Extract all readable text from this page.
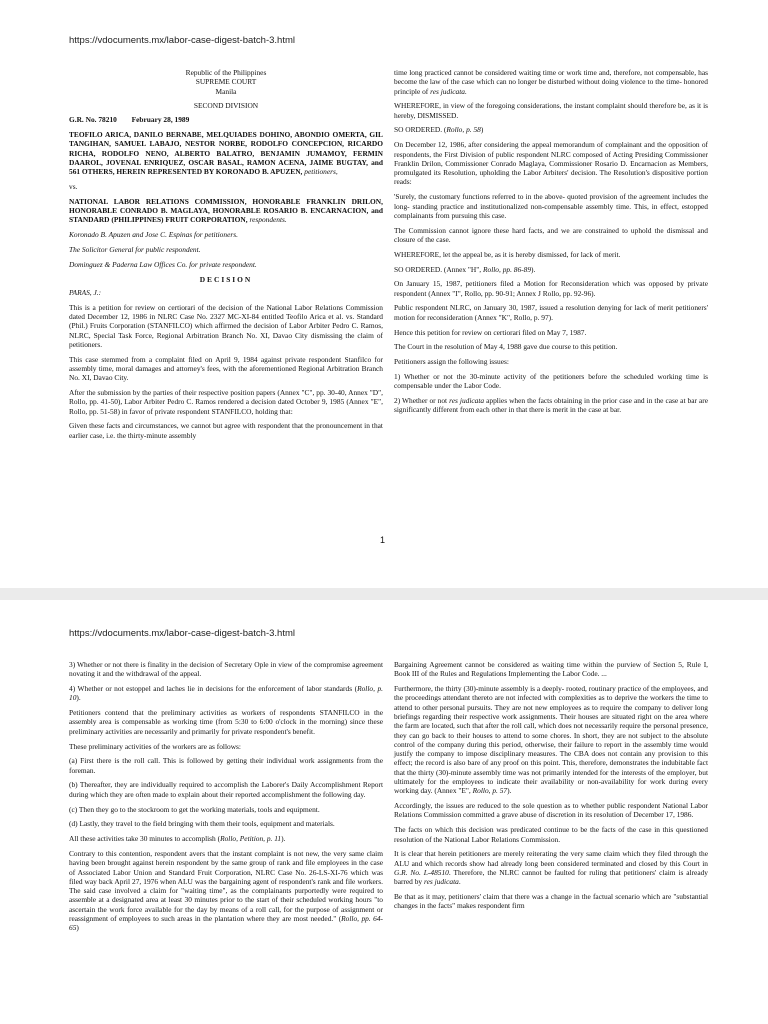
https://vdocuments.mx/labor-case-digest-batch-3.html

Republic of the Philippines

SUPREME COURT

Manila

SECOND DIVISION

G.R. No. 78210        February 28, 1989

TEOFILO ARICA, DANILO BERNABE, MELQUIADES DOHINO, ABONDIO OMERTA, GIL TANGIHAN, SAMUEL LABAJO, NESTOR NORBE, RODOLFO CONCEPCION, RICARDO RICHA, RODOLFO NENO, ALBERTO BALATRO, BENJAMIN JUMAMOY, FERMIN DAAROL, JOVENAL ENRIQUEZ, OSCAR BASAL, RAMON ACENA, JAIME BUGTAY, and 561 OTHERS, HEREIN REPRESENTED BY KORONADO B. APUZEN, petitioners,

vs.

NATIONAL LABOR RELATIONS COMMISSION, HONORABLE FRANKLIN DRILON, HONORABLE CONRADO B. MAGLAYA, HONORABLE ROSARIO B. ENCARNACION, and STANDARD (PHILIPPINES) FRUIT CORPORATION, respondents.

Koronado B. Apuzen and Jose C. Espinas for petitioners.

The Solicitor General for public respondent.

Dominguez & Paderna Law Offices Co. for private respondent.

DECISION

PARAS, J.:

This is a petition for review on certiorari of the decision of the National Labor Relations Commission dated December 12, 1986 in NLRC Case No. 2327 MC-XI-84 entitled Teofilo Arica et al. vs. Standard (Phil.) Fruits Corporation (STANFILCO) which affirmed the decision of Labor Arbiter Pedro C. Ramos, NLRC, Special Task Force, Regional Arbitration Branch No. XI, Davao City dismissing the claim of petitioners.

This case stemmed from a complaint filed on April 9, 1984 against private respondent Stanfilco for assembly time, moral damages and attorney's fees, with the aforementioned Regional Arbitration Branch No. XI, Davao City.

After the submission by the parties of their respective position papers (Annex "C", pp. 30-40, Annex "D", Rollo, pp. 41-50), Labor Arbiter Pedro C. Ramos rendered a decision dated October 9, 1985 (Annex "E", Rollo, pp. 51-58) in favor of private respondent STANFILCO, holding that:

Given these facts and circumstances, we cannot but agree with respondent that the pronouncement in that earlier case, i.e. the thirty-minute assembly

time long practiced cannot be considered waiting time or work time and, therefore, not compensable, has become the law of the case which can no longer be disturbed without doing violence to the time- honored principle of res judicata.

WHEREFORE, in view of the foregoing considerations, the instant complaint should therefore be, as it is hereby, DISMISSED.

SO ORDERED. (Rollo, p. 58)

On December 12, 1986, after considering the appeal memorandum of complainant and the opposition of respondents, the First Division of public respondent NLRC composed of Acting Presiding Commissioner Franklin Drilon, Commissioner Conrado Maglaya, Commissioner Rosario D. Encarnacion as Members, promulgated its Resolution, upholding the Labor Arbiters' decision. The Resolution's dispositive portion reads:

'Surely, the customary functions referred to in the above- quoted provision of the agreement includes the long- standing practice and institutionalized non-compensable assembly time. This, in effect, estopped complainants from pursuing this case.

The Commission cannot ignore these hard facts, and we are constrained to uphold the dismissal and closure of the case.

WHEREFORE, let the appeal be, as it is hereby dismissed, for lack of merit.

SO ORDERED. (Annex "H", Rollo, pp. 86-89).

On January 15, 1987, petitioners filed a Motion for Reconsideration which was opposed by private respondent (Annex "I", Rollo, pp. 90-91; Annex J Rollo, pp. 92-96).

Public respondent NLRC, on January 30, 1987, issued a resolution denying for lack of merit petitioners' motion for reconsideration (Annex "K", Rollo, p. 97).

Hence this petition for review on certiorari filed on May 7, 1987.

The Court in the resolution of May 4, 1988 gave due course to this petition.

Petitioners assign the following issues:

1) Whether or not the 30-minute activity of the petitioners before the scheduled working time is compensable under the Labor Code.

2) Whether or not res judicata applies when the facts obtaining in the prior case and in the case at bar are significantly different from each other in that there is merit in the case at bar.

1
https://vdocuments.mx/labor-case-digest-batch-3.html

3) Whether or not there is finality in the decision of Secretary Ople in view of the compromise agreement novating it and the withdrawal of the appeal.

4) Whether or not estoppel and laches lie in decisions for the enforcement of labor standards (Rollo, p. 10).

Petitioners contend that the preliminary activities as workers of respondents STANFILCO in the assembly area is compensable as working time (from 5:30 to 6:00 o'clock in the morning) since these preliminary activities are necessarily and primarily for private respondent's benefit.

These preliminary activities of the workers are as follows:

(a) First there is the roll call. This is followed by getting their individual work assignments from the foreman.

(b) Thereafter, they are individually required to accomplish the Laborer's Daily Accomplishment Report during which they are often made to explain about their reported accomplishment the following day.

(c) Then they go to the stockroom to get the working materials, tools and equipment.

(d) Lastly, they travel to the field bringing with them their tools, equipment and materials.

All these activities take 30 minutes to accomplish (Rollo, Petition, p. 11).

Contrary to this contention, respondent avers that the instant complaint is not new, the very same claim having been brought against herein respondent by the same group of rank and file employees in the case of Associated Labor Union and Standard Fruit Corporation, NLRC Case No. 26-LS-XI-76 which was filed way back April 27, 1976 when ALU was the bargaining agent of respondent's rank and file workers. The said case involved a claim for "waiting time", as the complainants purportedly were required to assemble at a designated area at least 30 minutes prior to the start of their scheduled working hours "to ascertain the work force available for the day by means of a roll call, for the purpose of assignment or reassignment of employees to such areas in the plantation where they are most needed." (Rollo, pp. 64- 65)

Bargaining Agreement cannot be considered as waiting time within the purview of Section 5, Rule I, Book III of the Rules and Regulations Implementing the Labor Code. ...

Furthermore, the thirty (30)-minute assembly is a deeply- rooted, routinary practice of the employees, and the proceedings attendant thereto are not infected with complexities as to deprive the workers the time to attend to other personal pursuits. They are not new employees as to require the company to deliver long briefings regarding their respective work assignments. Their houses are situated right on the area where the farm are located, such that after the roll call, which does not necessarily require the personal presence, they can go back to their houses to attend to some chores. In short, they are not subject to the absolute control of the company during this period, otherwise, their failure to report in the assembly time would justify the company to impose disciplinary measures. The CBA does not contain any provision to this effect; the record is also bare of any proof on this point. This, therefore, demonstrates the indubitable fact that the thirty (30)-minute assembly time was not primarily intended for the interests of the employer, but ultimately for the employees to indicate their availability or non-availability for work during every working day. (Annex "E", Rollo, p. 57).

Accordingly, the issues are reduced to the sole question as to whether public respondent National Labor Relations Commission committed a grave abuse of discretion in its resolution of December 17, 1986.

The facts on which this decision was predicated continue to be the facts of the case in this questioned resolution of the National Labor Relations Commission.

It is clear that herein petitioners are merely reiterating the very same claim which they filed through the ALU and which records show had already long been considered terminated and closed by this Court in G.R. No. L-48510. Therefore, the NLRC cannot be faulted for ruling that petitioners' claim is already barred by res judicata.

Be that as it may, petitioners' claim that there was a change in the factual scenario which are "substantial changes in the facts" makes respondent firm
